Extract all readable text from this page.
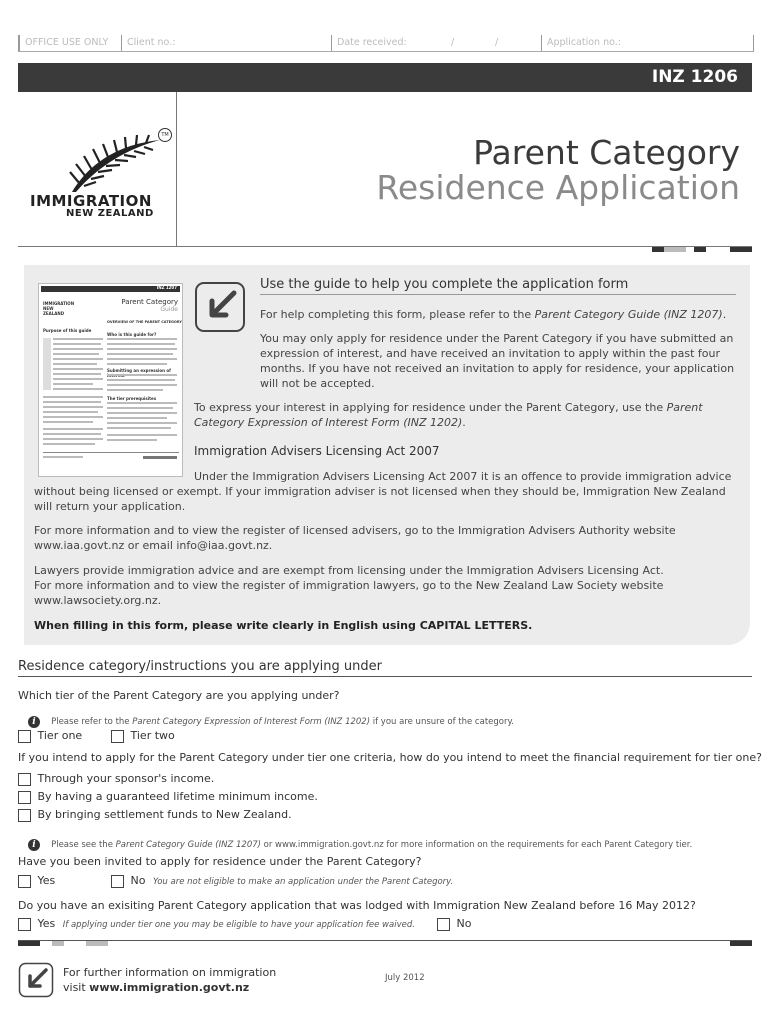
OFFICE USE ONLY Client no.:	Date received:	/	/	Application no.:
INZ 1206
TM
IMMIGRATION
NEW ZEALAND
Parent Category
Residence Application
INZ 1207
Parent Category
Guide
IMMIGRATION NEW ZEALAND
OVERVIEW OF THE PARENT CATEGORY
Purpose of this guide
Who is this guide for?
Submitting an expression of
The tier prerequisites
Use the guide to help you complete the application form
For help completing this form, please refer to the Parent Category Guide (INZ 1207).
You may only apply for residence under the Parent Category if you have submitted an expression of interest, and have received an invitation to apply within the past four months. If you have not received an invitation to apply for residence, your application will not be accepted.
To express your interest in applying for residence under the Parent Category, use the Parent Category Expression of Interest Form (INZ 1202).
Immigration Advisers Licensing Act 2007
Under the Immigration Advisers Licensing Act 2007 it is an offence to provide immigration advice without being licensed or exempt. If your immigration adviser is not licensed when they should be, Immigration New Zealand will return your application.
For more information and to view the register of licensed advisers, go to the Immigration Advisers Authority website www.iaa.govt.nz or email info@iaa.govt.nz.
Lawyers provide immigration advice and are exempt from licensing under the Immigration Advisers Licensing Act.
For more information and to view the register of immigration lawyers, go to the New Zealand Law Society website www.lawsociety.org.nz.
When filling in this form, please write clearly in English using CAPITAL LETTERS.
Residence category/instructions you are applying under
Which tier of the Parent Category are you applying under?
i Please refer to the Parent Category Expression of Interest Form (INZ 1202) if you are unsure of the category.
Tier one	Tier two
If you intend to apply for the Parent Category under tier one criteria, how do you intend to meet the financial requirement for tier one?
Through your sponsor's income.
By having a guaranteed lifetime minimum income.
By bringing settlement funds to New Zealand.
i Please see the Parent Category Guide (INZ 1207) or www.immigration.govt.nz for more information on the requirements for each Parent Category tier.
Have you been invited to apply for residence under the Parent Category?
Yes	No You are not eligible to make an application under the Parent Category.
Do you have an exisiting Parent Category application that was lodged with Immigration New Zealand before 16 May 2012?
Yes If applying under tier one you may be eligible to have your application fee waived.	No
For further information on immigration
visit www.immigration.govt.nz
July 2012
